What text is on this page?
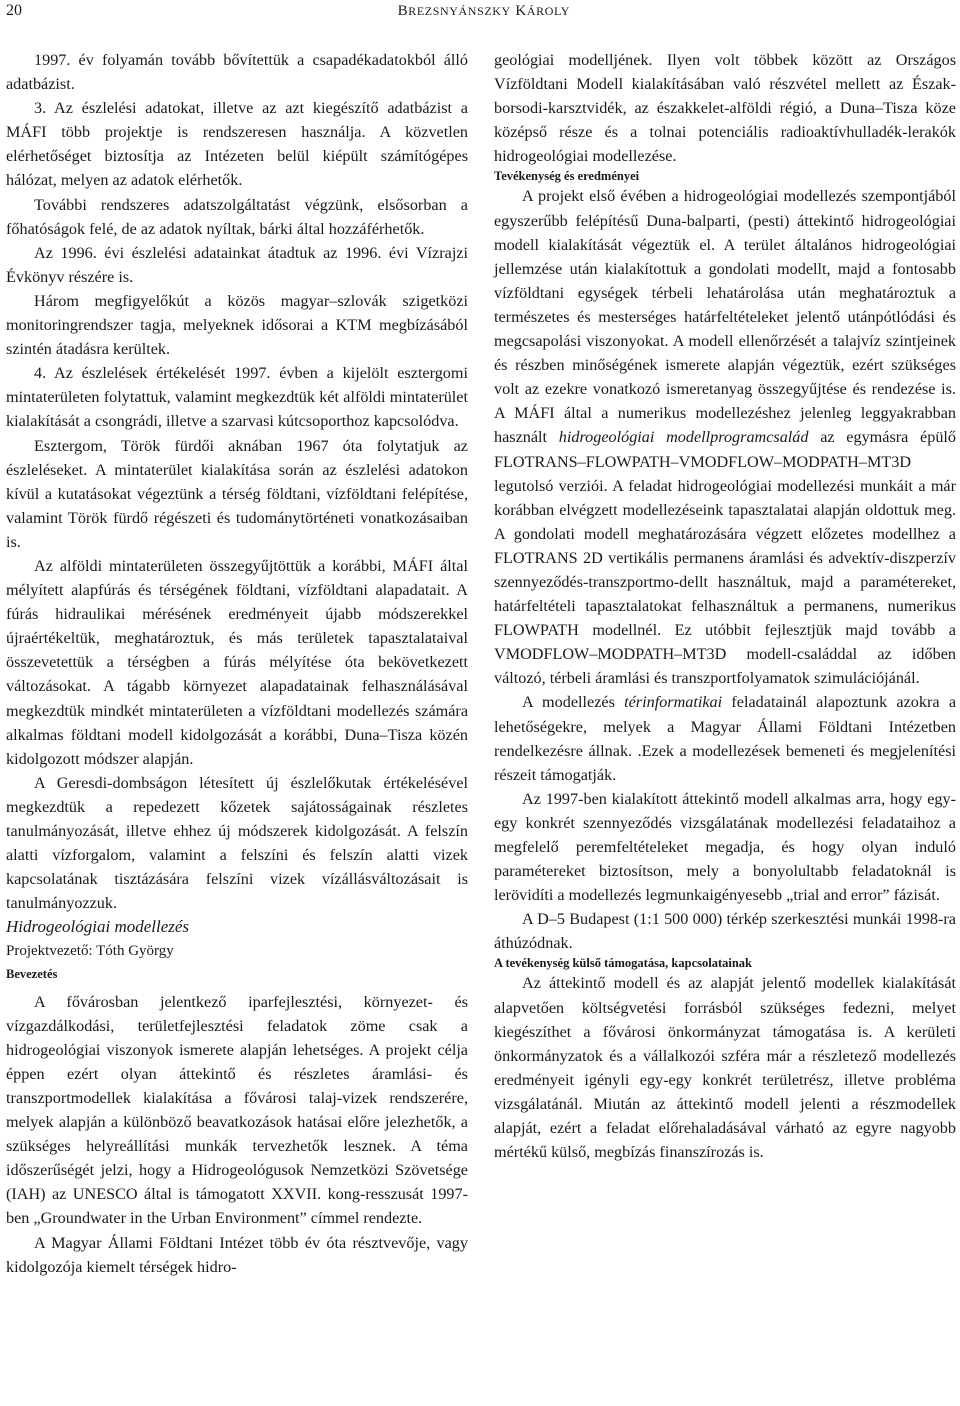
20	BREZSNYÁNSZKY KÁROLY

1997. év folyamán tovább bővítettük a csapadékadatokból álló adatbázist.

3. Az észlelési adatokat, illetve az azt kiegészítő adatbázist a MÁFI több projektje is rendszeresen használja. A közvetlen elérhetőséget biztosítja az Intézeten belül kiépült számítógépes hálózat, melyen az adatok elérhetők.

További rendszeres adatszolgáltatást végzünk, elsősorban a főhatóságok felé, de az adatok nyíltak, bárki által hozzáférhetők.

Az 1996. évi észlelési adatainkat átadtuk az 1996. évi Vízrajzi Évkönyv részére is.

Három megfigyelőkút a közös magyar–szlovák szigetközi monitoringrendszer tagja, melyeknek idősorai a KTM megbízásából szintén átadásra kerültek.

4. Az észlelések értékelését 1997. évben a kijelölt esztergomi mintaterületen folytattuk, valamint megkezdtük két alföldi mintaterület kialakítását a csongrádi, illetve a szarvasi kútcsoporthoz kapcsolódva.

Esztergom, Török fürdői aknában 1967 óta folytatjuk az észleléseket. A mintaterület kialakítása során az észlelési adatokon kívül a kutatásokat végeztünk a térség földtani, vízföldtani felépítése, valamint Török fürdő régészeti és tudománytörténeti vonatkozásaiban is.

Az alföldi mintaterületen összegyűjtöttük a korábbi, MÁFI által mélyített alapfúrás és térségének földtani, vízföldtani alapadatait. A fúrás hidraulikai mérésének eredményeit újabb módszerekkel újraértékeltük, meghatároztuk, és más területek tapasztalataival összevetettük a térségben a fúrás mélyítése óta bekövetkezett változásokat. A tágabb környezet alapadatainak felhasználásával megkezdtük mindkét mintaterületen a vízföldtani modellezés számára alkalmas földtani modell kidolgozását a korábbi, Duna–Tisza közén kidolgozott módszer alapján.

A Geresdi-dombságon létesített új észlelőkutak értékelésével megkezdtük a repedezett kőzetek sajátosságainak részletes tanulmányozását, illetve ehhez új módszerek kidolgozását. A felszín alatti vízforgalom, valamint a felszíni és felszín alatti vizek kapcsolatának tisztázására felszíni vizek vízállásváltozásait is tanulmányozzuk.

Hidrogeológiai modellezés

Projektvezető: Tóth György

Bevezetés

A fővárosban jelentkező iparfejlesztési, környezet- és vízgazdálkodási, területfejlesztési feladatok zöme csak a hidrogeológiai viszonyok ismerete alapján lehetséges. A projekt célja éppen ezért olyan áttekintő és részletes áramlási- és transzportmodellek kialakítása a fővárosi talaj-vizek rendszerére, melyek alapján a különböző beavatkozások hatásai előre jelezhetők, a szükséges helyreállítási munkák tervezhetők lesznek. A téma időszerűségét jelzi, hogy a Hidrogeológusok Nemzetközi Szövetsége (IAH) az UNESCO által is támogatott XXVII. kong-resszusát 1997-ben „Groundwater in the Urban Environment” címmel rendezte.

A Magyar Állami Földtani Intézet több év óta résztvevője, vagy kidolgozója kiemelt térségek hidro-

geológiai modelljének. Ilyen volt többek között az Országos Vízföldtani Modell kialakításában való részvétel mellett az Észak-borsodi-karsztvidék, az északkelet-alföldi régió, a Duna–Tisza köze középső része és a tolnai potenciális radioaktívhulladék-lerakók hidrogeológiai modellezése.

Tevékenység és eredményei

A projekt első évében a hidrogeológiai modellezés szempontjából egyszerűbb felépítésű Duna-balparti, (pesti) áttekintő hidrogeológiai modell kialakítását végeztük el. A terület általános hidrogeológiai jellemzése után kialakítottuk a gondolati modellt, majd a fontosabb vízföldtani egységek térbeli lehatárolása után meghatároztuk a természetes és mesterséges határfeltételeket jelentő utánpótlódási és megcsapolási viszonyokat. A modell ellenőrzését a talajvíz szintjeinek és részben minőségének ismerete alapján végeztük, ezért szükséges volt az ezekre vonatkozó ismeretanyag összegyűjtése és rendezése is. A MÁFI által a numerikus modellezéshez jelenleg leggyakrabban használt hidrogeológiai modellprogramcsalád az egymásra épülő FLOTRANS–FLOWPATH–VMODFLOW–MODPATH–MT3D legutolsó verziói. A feladat hidrogeológiai modellezési munkáit a már korábban elvégzett modellezéseink tapasztalatai alapján oldottuk meg. A gondolati modell meghatározására végzett előzetes modellhez a FLOTRANS 2D vertikális permanens áramlási és advektív-diszperzív szennyeződés-transzportmo-dellt használtuk, majd a paramétereket, határfeltételi tapasztalatokat felhasználtuk a permanens, numerikus FLOWPATH modellnél. Ez utóbbit fejlesztjük majd tovább a VMODFLOW–MODPATH–MT3D modell-családdal az időben változó, térbeli áramlási és transzportfolyamatok szimulációjánál.

A modellezés térinformatikai feladatainál alapoztunk azokra a lehetőségekre, melyek a Magyar Állami Földtani Intézetben rendelkezésre állnak. .Ezek a modellezések bemeneti és megjelenítési részeit támogatják.

Az 1997-ben kialakított áttekintő modell alkalmas arra, hogy egy-egy konkrét szennyeződés vizsgálatának modellezési feladataihoz a megfelelő peremfeltételeket megadja, és hogy olyan induló paramétereket biztosítson, mely a bonyolultabb feladatoknál is lerövidíti a modellezés legmunkaigényesebb „trial and error” fázisát.

A D–5 Budapest (1:1 500 000) térkép szerkesztési munkái 1998-ra áthúzódnak.

A tevékenység külső támogatása, kapcsolatainak

Az áttekintő modell és az alapját jelentő modellek kialakítását alapvetően költségvetési forrásból szükséges fedezni, melyet kiegészíthet a fővárosi önkormányzat támogatása is. A kerületi önkormányzatok és a vállalkozói szféra már a részletező modellezés eredményeit igényli egy-egy konkrét területrész, illetve probléma vizsgálatánál. Miután az áttekintő modell jelenti a részmodellek alapját, ezért a feladat előrehaladásával várható az egyre nagyobb mértékű külső, megbízás finanszírozás is.
